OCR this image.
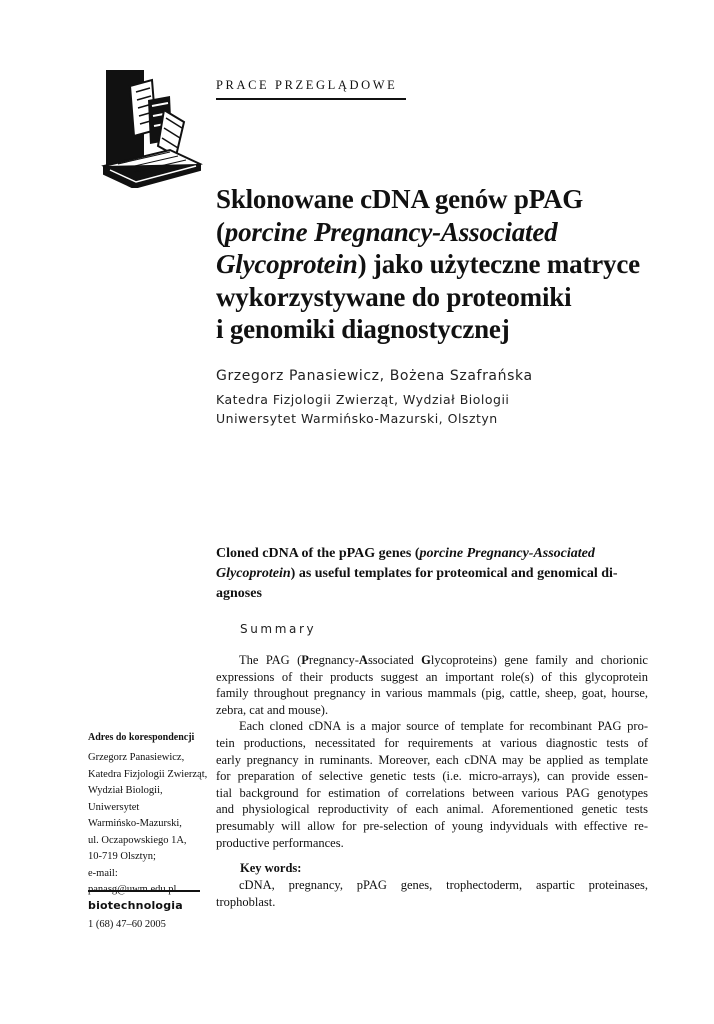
PRACE PRZEGLĄDOWE
Sklonowane cDNA genów pPAG
(porcine Pregnancy-Associated
Glycoprotein) jako użyteczne matryce
wykorzystywane do proteomiki
i genomiki diagnostycznej
Grzegorz Panasiewicz, Bożena Szafrańska
Katedra Fizjologii Zwierząt, Wydział Biologii
Uniwersytet Warmińsko-Mazurski, Olsztyn
Cloned cDNA of the pPAG genes (porcine Pregnancy-Associated
Glycoprotein) as useful templates for proteomical and genomical di-
agnoses
Summary
The PAG (Pregnancy-Associated Glycoproteins) gene family and chorionic
expressions of their products suggest an important role(s) of this glycoprotein
family throughout pregnancy in various mammals (pig, cattle, sheep, goat, hourse,
zebra, cat and mouse).
Each cloned cDNA is a major source of template for recombinant PAG pro-
tein productions, necessitated for requirements at various diagnostic tests of
early pregnancy in ruminants. Moreover, each cDNA may be applied as template
for preparation of selective genetic tests (i.e. micro-arrays), can provide essen-
tial background for estimation of correlations between various PAG genotypes
and physiological reproductivity of each animal. Aforementioned genetic tests
presumably will allow for pre-selection of young indyviduals with effective re-
productive performances.
Key words:
cDNA, pregnancy, pPAG genes, trophectoderm, aspartic proteinases,
trophoblast.
Adres do korespondencji
Grzegorz Panasiewicz,
Katedra Fizjologii Zwierząt,
Wydział Biologii,
Uniwersytet
Warmińsko-Mazurski,
ul. Oczapowskiego 1A,
10-719 Olsztyn;
e-mail:
biotechnologia
1 (68) 47–60 2005
